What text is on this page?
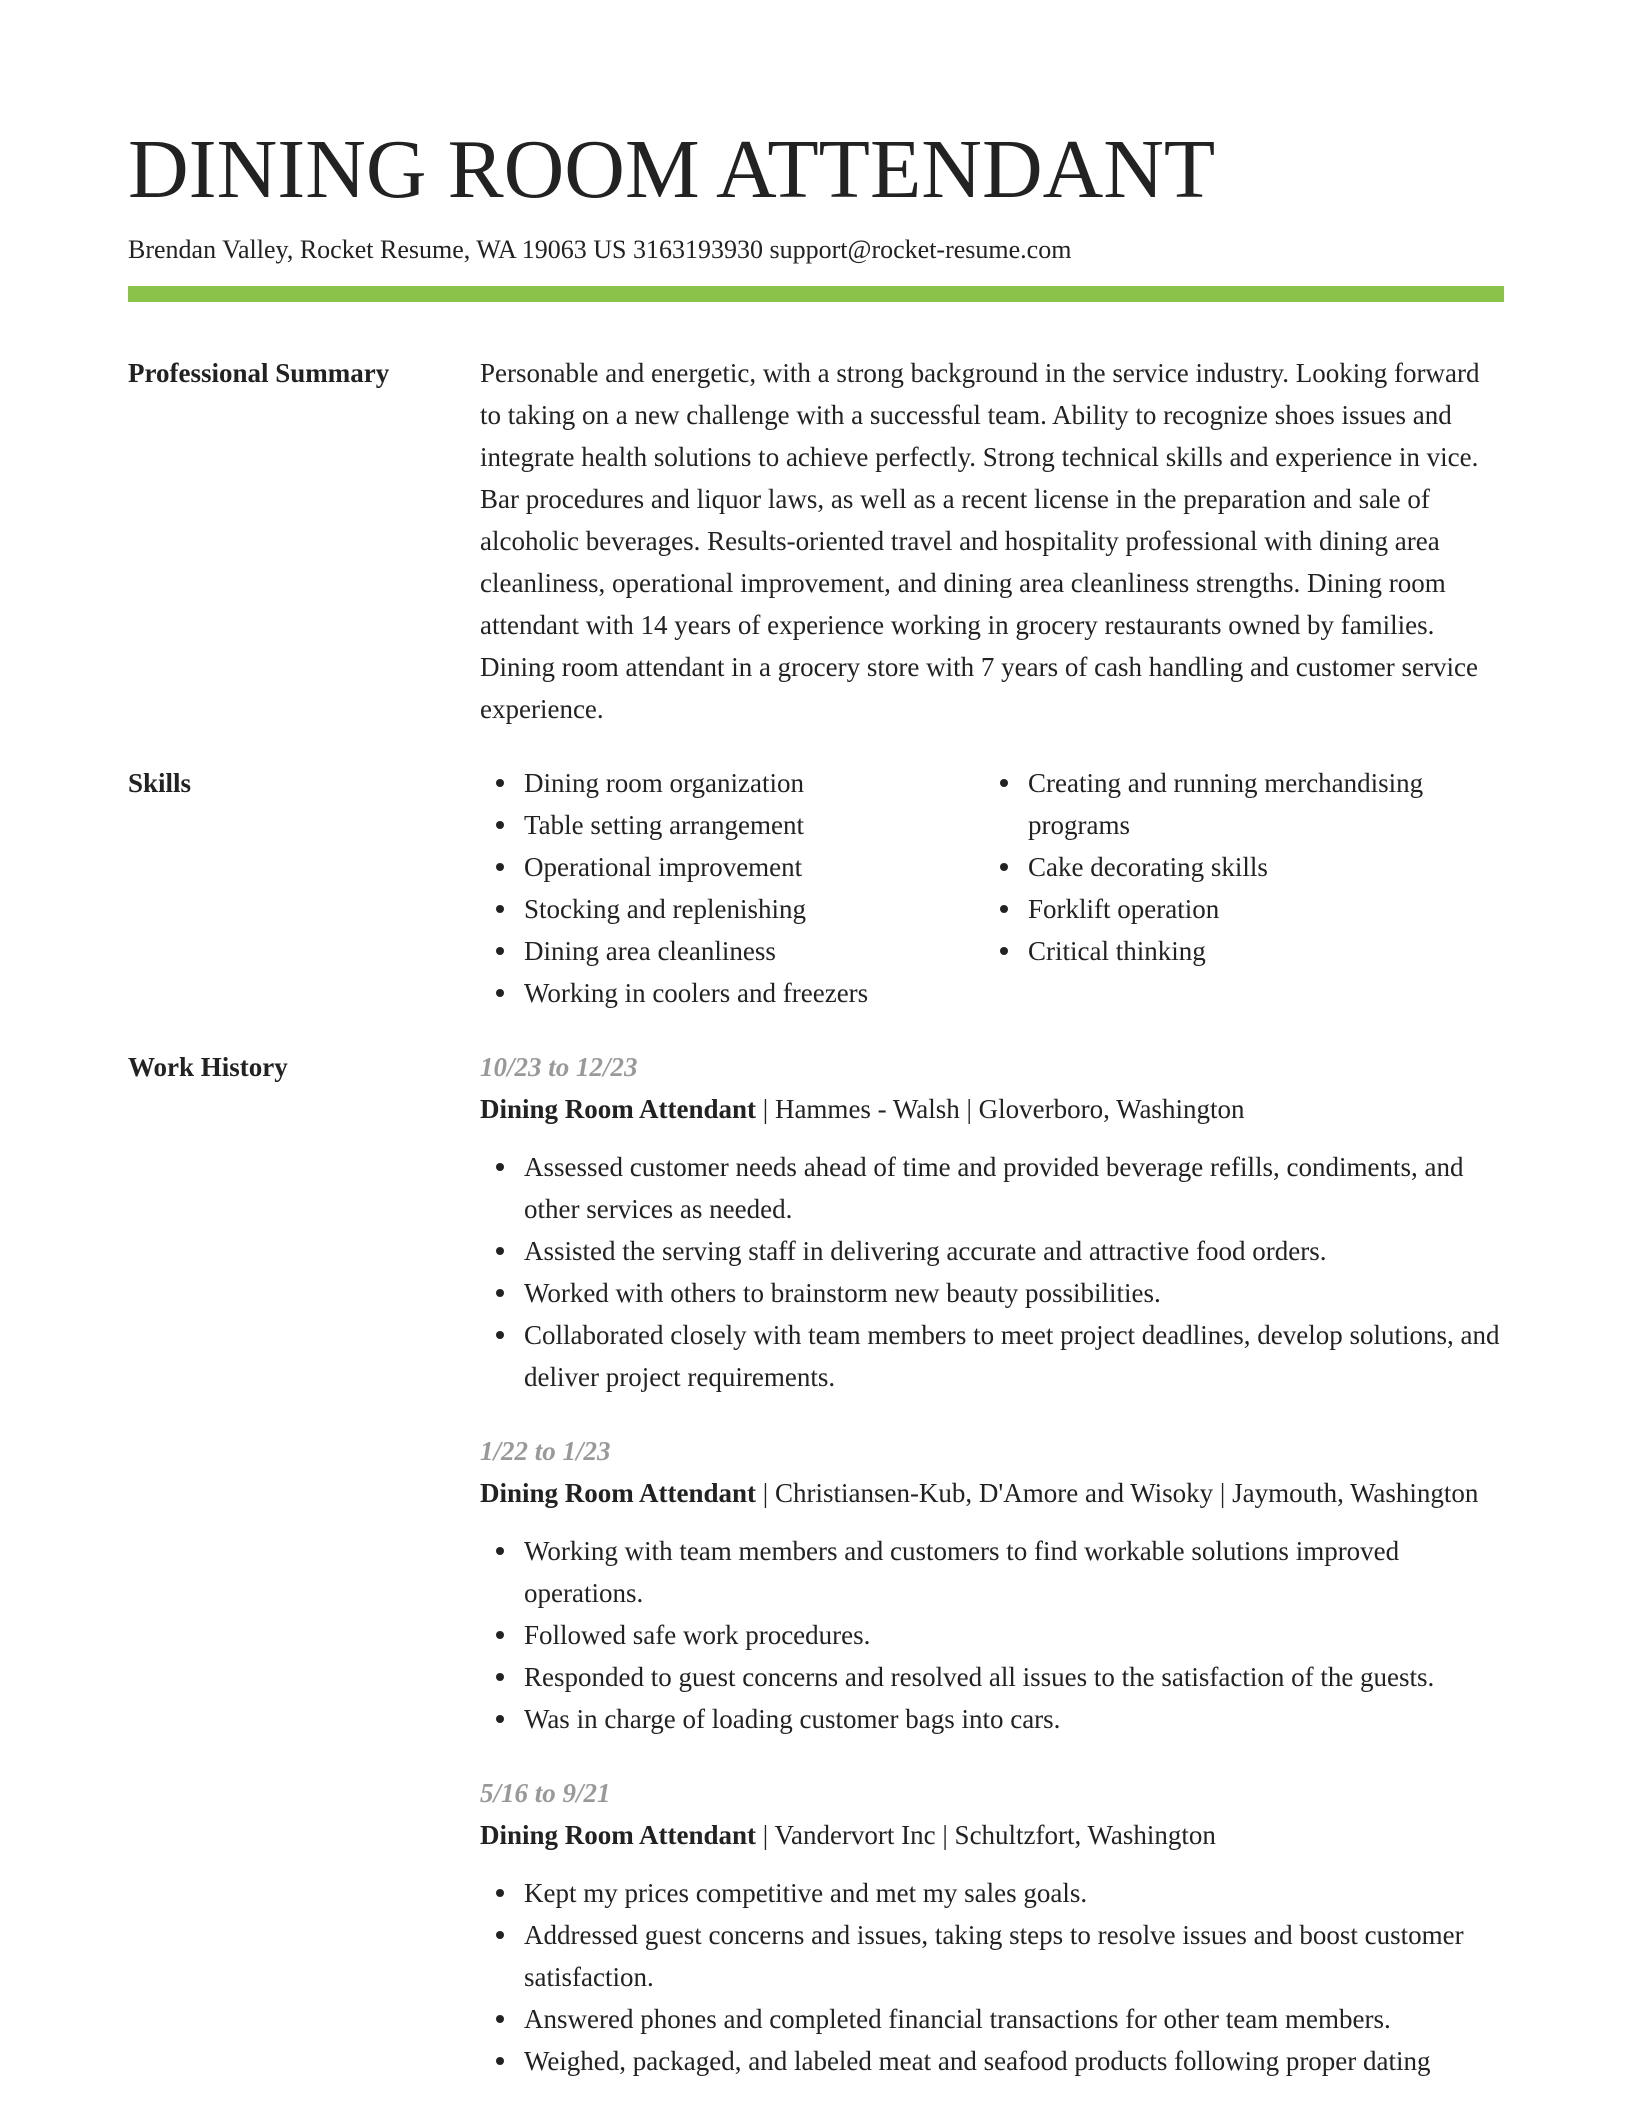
DINING ROOM ATTENDANT
Brendan Valley, Rocket Resume, WA 19063 US 3163193930 support@rocket-resume.com
Professional Summary	Personable and energetic, with a strong background in the service industry. Looking forward to taking on a new challenge with a successful team. Ability to recognize shoes issues and integrate health solutions to achieve perfectly. Strong technical skills and experience in vice. Bar procedures and liquor laws, as well as a recent license in the preparation and sale of alcoholic beverages. Results-oriented travel and hospitality professional with dining area cleanliness, operational improvement, and dining area cleanliness strengths. Dining room attendant with 14 years of experience working in grocery restaurants owned by families. Dining room attendant in a grocery store with 7 years of cash handling and customer service experience.
Skills	Dining room organization
Table setting arrangement
Operational improvement
Stocking and replenishing
Dining area cleanliness
Working in coolers and freezers
Creating and running merchandising programs
Cake decorating skills
Forklift operation
Critical thinking
Work History	10/23 to 12/23
Dining Room Attendant | Hammes - Walsh | Gloverboro, Washington
Assessed customer needs ahead of time and provided beverage refills, condiments, and other services as needed.
Assisted the serving staff in delivering accurate and attractive food orders.
Worked with others to brainstorm new beauty possibilities.
Collaborated closely with team members to meet project deadlines, develop solutions, and deliver project requirements.
1/22 to 1/23
Dining Room Attendant | Christiansen-Kub, D'Amore and Wisoky | Jaymouth, Washington
Working with team members and customers to find workable solutions improved operations.
Followed safe work procedures.
Responded to guest concerns and resolved all issues to the satisfaction of the guests.
Was in charge of loading customer bags into cars.
5/16 to 9/21
Dining Room Attendant | Vandervort Inc | Schultzfort, Washington
Kept my prices competitive and met my sales goals.
Addressed guest concerns and issues, taking steps to resolve issues and boost customer satisfaction.
Answered phones and completed financial transactions for other team members.
Weighed, packaged, and labeled meat and seafood products following proper dating
